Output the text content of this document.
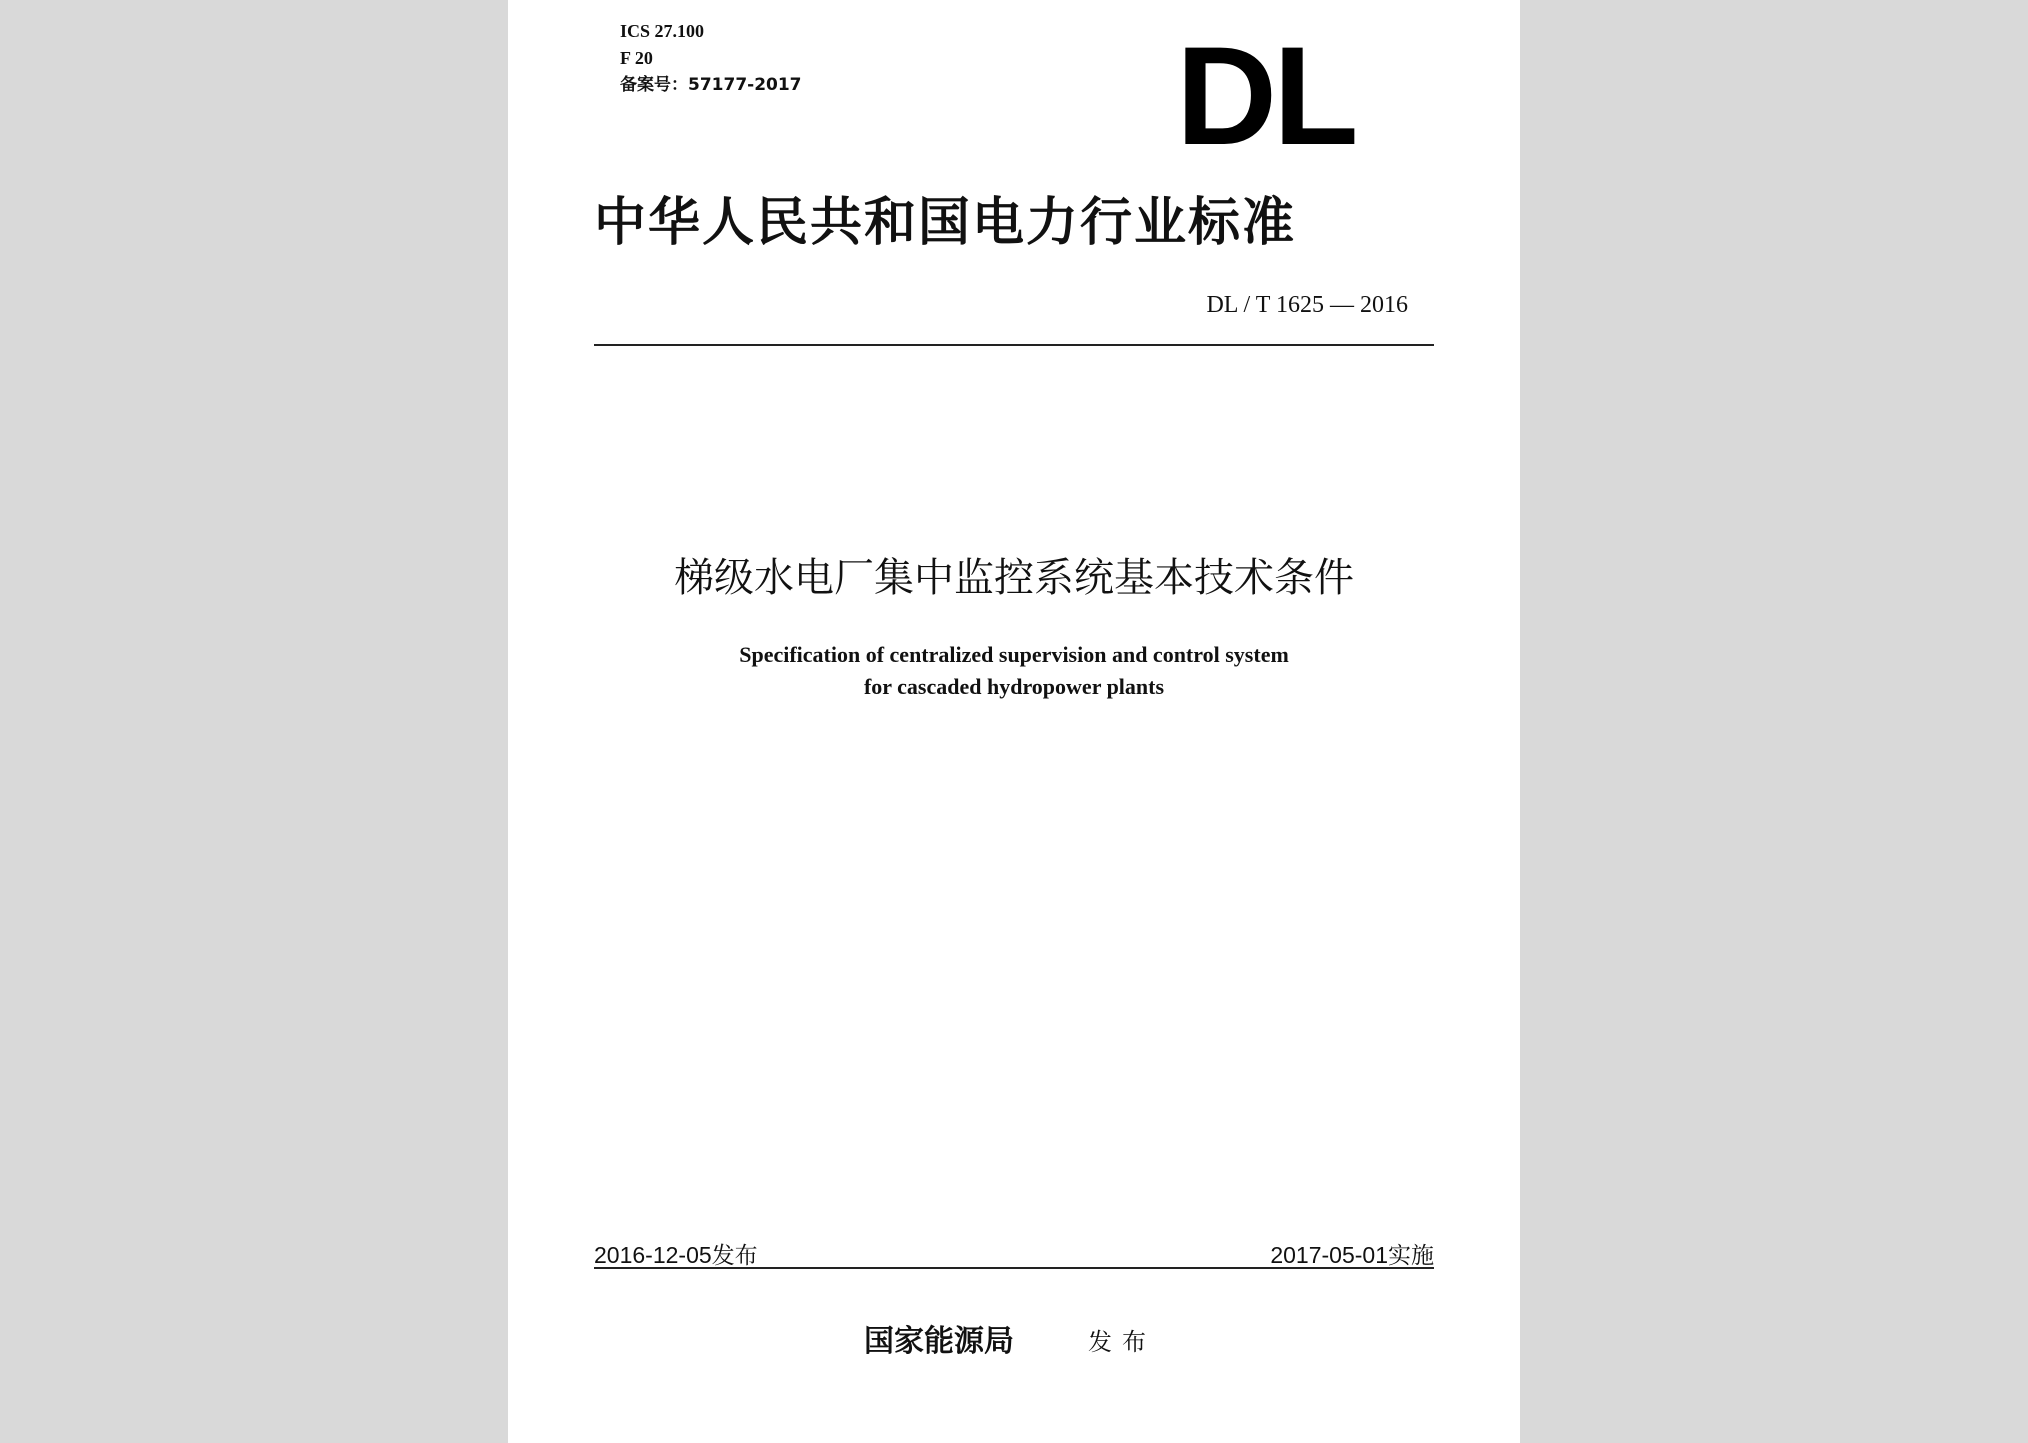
ICS 27.100
F 20
备案号：57177-2017	D L
中华人民共和国电力行业标准
DL / T 1625 — 2016
梯级水电厂集中监控系统基本技术条件
Specification of centralized supervision and control system
for cascaded hydropower plants
2016-12-05发布	2017-05-01实施
国家能源局	发布
